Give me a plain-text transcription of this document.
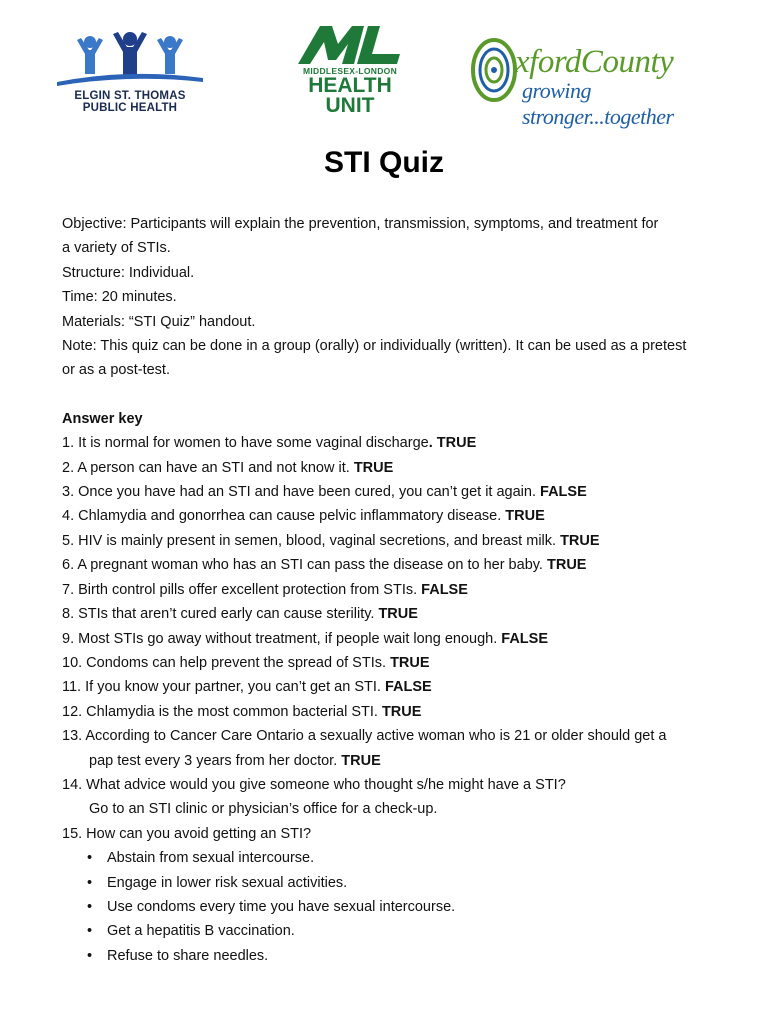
ELGIN ST. THOMAS
PUBLIC HEALTH
MIDDLESEX-LONDON
HEALTH
UNIT
xfordCounty
growing stronger...together
STI Quiz

Objective: Participants will explain the prevention, transmission, symptoms, and treatment for

a variety of STIs.

Structure: Individual.

Time: 20 minutes.

Materials: “STI Quiz” handout.

Note: This quiz can be done in a group (orally) or individually (written). It can be used as a pretest

or as a post-test.

Answer key

1. It is normal for women to have some vaginal discharge. TRUE

2. A person can have an STI and not know it. TRUE

3. Once you have had an STI and have been cured, you can’t get it again. FALSE

4. Chlamydia and gonorrhea can cause pelvic inflammatory disease. TRUE

5. HIV is mainly present in semen, blood, vaginal secretions, and breast milk. TRUE

6. A pregnant woman who has an STI can pass the disease on to her baby. TRUE

7. Birth control pills offer excellent protection from STIs. FALSE

8. STIs that aren’t cured early can cause sterility. TRUE

9. Most STIs go away without treatment, if people wait long enough. FALSE

10. Condoms can help prevent the spread of STIs. TRUE

11. If you know your partner, you can’t get an STI. FALSE

12. Chlamydia is the most common bacterial STI. TRUE

13. According to Cancer Care Ontario a sexually active woman who is 21 or older should get a

pap test every 3 years from her doctor. TRUE

14. What advice would you give someone who thought s/he might have a STI?

Go to an STI clinic or physician’s office for a check-up.

15. How can you avoid getting an STI?

• Abstain from sexual intercourse.

• Engage in lower risk sexual activities.

• Use condoms every time you have sexual intercourse.

• Get a hepatitis B vaccination.

• Refuse to share needles.
